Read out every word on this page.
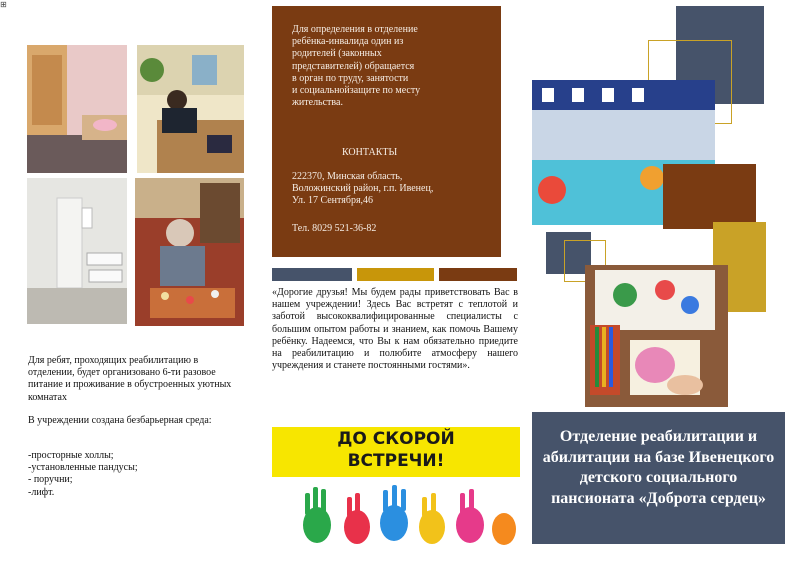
⊞
Для ребят, проходящих реабилитацию в отделении, будет организовано 6-ти разовое питание и проживание в обустроенных уютных комнатах
В учреждении создана безбарьерная среда:
-просторные холлы;
-установленные пандусы;
- поручни;
-лифт.

Для определения в отделение

ребёнка-инвалида один из

родителей (законных

представителей) обращается

в орган по труду, занятости

и социальнойзащите по месту

жительства.

КОНТАКТЫ

222370, Минская область,

Воложинский район, г.п. Ивенец,

Ул. 17 Сентября,46

Тел. 8029 521-36-82
«Дорогие друзья! Мы будем рады приветствовать Вас в нашем учреждении! Здесь Вас встретят с теплотой и заботой высококвалифицированные специалисты с большим опытом работы и знанием, как помочь Вашему ребёнку. Надеемся, что Вы к нам обязательно приедите на реабилитацию и полюбите атмосферу нашего учреждения и станете постоянными гостями».
ДО СКОРОЙ ВСТРЕЧИ!
Отделение реабилитации и абилитации на базе Ивенецкого детского социального пансионата «Доброта сердец»
